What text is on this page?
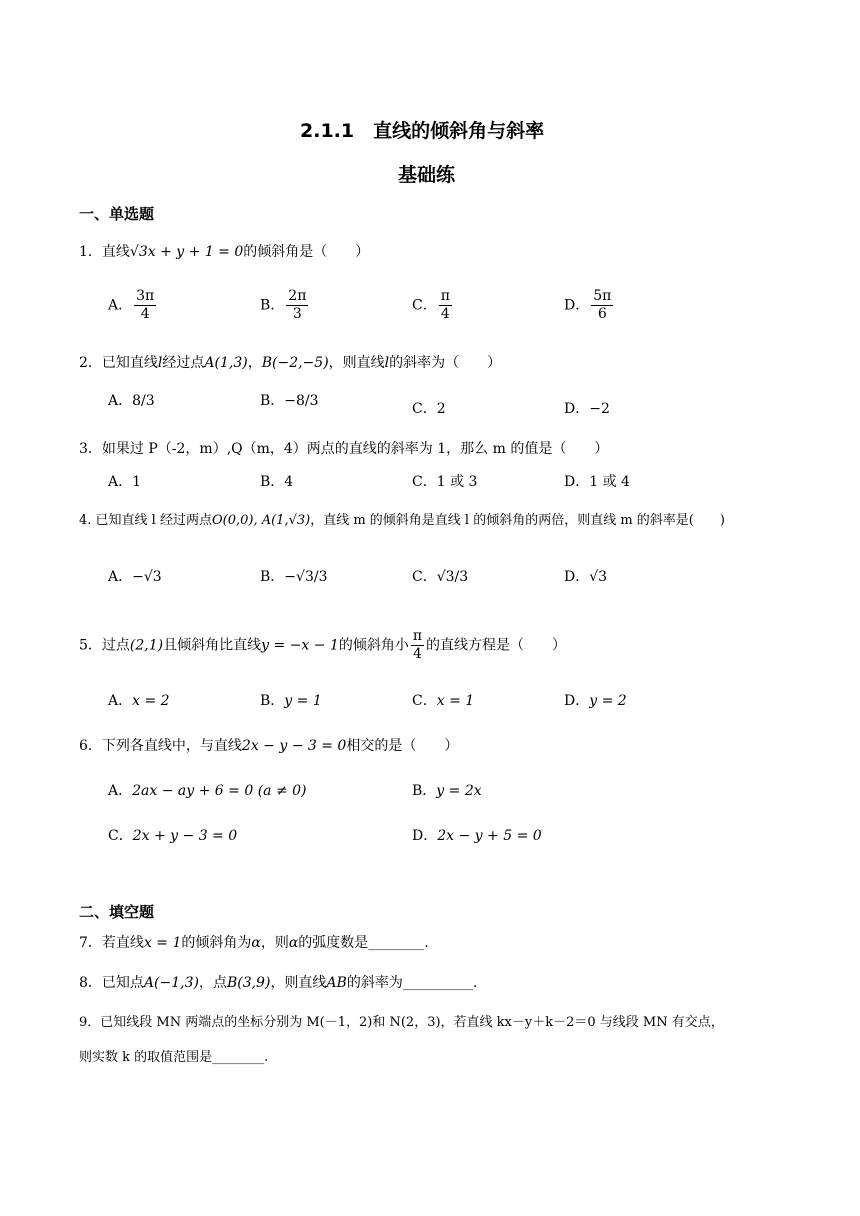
2.1.1　直线的倾斜角与斜率
基础练
一、单选题
1．直线√3x + y + 1 = 0的倾斜角是（　　）
A． $\frac{3\pi}{4}$	B． $\frac{2\pi}{3}$	C． $\frac{\pi}{4}$	D． $\frac{5\pi}{6}$
2．已知直线l经过点A(1,3)，B(−2,−5)，则直线l的斜率为（　　）
A．8/3	B．−8/3	C．2	D．−2
3．如果过 P（-2，m）,Q（m，4）两点的直线的斜率为 1，那么 m 的值是（　　）
A．1	B．4	C．1 或 3	D．1 或 4
4. 已知直线 l 经过两点O(0,0), A(1,√3)，直线 m 的倾斜角是直线 l 的倾斜角的两倍，则直线 m 的斜率是(　　)
A．−√3	B．−√3/3	C．√3/3	D．√3
5．过点(2,1)且倾斜角比直线y = −x − 1的倾斜角小 $\frac{\pi}{4}$ 的直线方程是（　　）
A．x = 2	B．y = 1	C．x = 1	D．y = 2
6．下列各直线中，与直线2x − y − 3 = 0相交的是（　　）
A．2ax − ay + 6 = 0 (a ≠ 0)	B．y = 2x
C．2x + y − 3 = 0	D．2x − y + 5 = 0
二、填空题
7．若直线x = 1的倾斜角为α，则α的弧度数是________.
8．已知点A(−1,3)，点B(3,9)，则直线AB的斜率为__________.
9．已知线段 MN 两端点的坐标分别为 M(－1，2)和 N(2，3)，若直线 kx－y＋k－2＝0 与线段 MN 有交点，
则实数 k 的取值范围是________.
